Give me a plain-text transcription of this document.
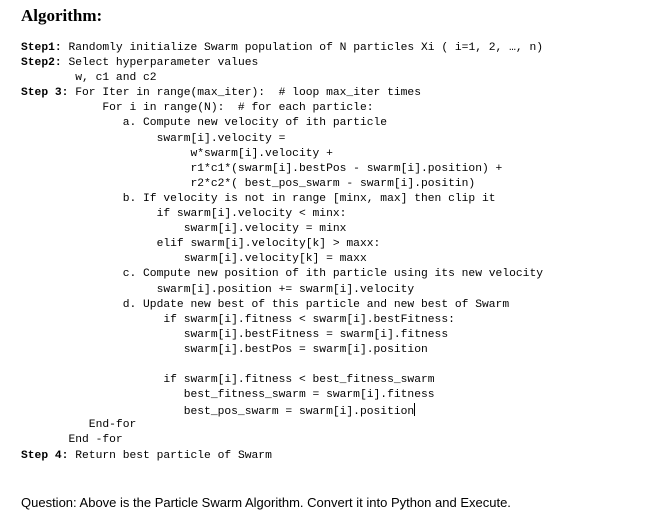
Algorithm:
Step1: Randomly initialize Swarm population of N particles Xi ( i=1, 2, …, n)
Step2: Select hyperparameter values
w, c1 and c2
Step 3: For Iter in range(max_iter):  # loop max_iter times
For i in range(N):  # for each particle:
a. Compute new velocity of ith particle
swarm[i].velocity =
w*swarm[i].velocity +
r1*c1*(swarm[i].bestPos - swarm[i].position) +
r2*c2*( best_pos_swarm - swarm[i].positin)
b. If velocity is not in range [minx, max] then clip it
if swarm[i].velocity < minx:
swarm[i].velocity = minx
elif swarm[i].velocity[k] > maxx:
swarm[i].velocity[k] = maxx
c. Compute new position of ith particle using its new velocity
swarm[i].position += swarm[i].velocity
d. Update new best of this particle and new best of Swarm
if swarm[i].fitness < swarm[i].bestFitness:
swarm[i].bestFitness = swarm[i].fitness
swarm[i].bestPos = swarm[i].position
if swarm[i].fitness < best_fitness_swarm
best_fitness_swarm = swarm[i].fitness
best_pos_swarm = swarm[i].position
End-for
End -for
Step 4: Return best particle of Swarm
Question: Above is the Particle Swarm Algorithm. Convert it into Python and Execute.
